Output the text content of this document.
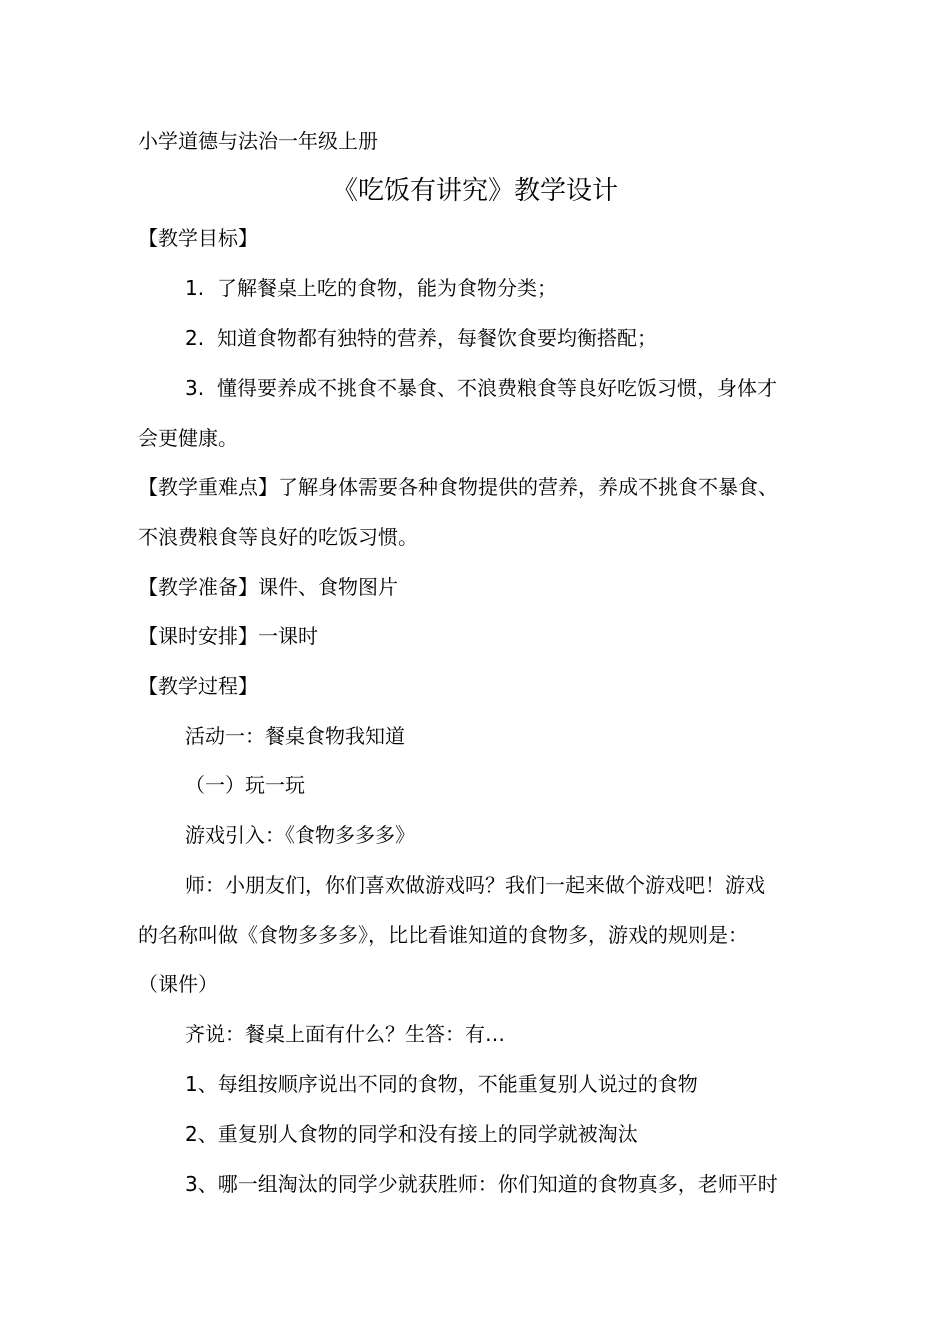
小学道德与法治一年级上册
《吃饭有讲究》教学设计
【教学目标】
1. 了解餐桌上吃的食物，能为食物分类；
2. 知道食物都有独特的营养，每餐饮食要均衡搭配；
3. 懂得要养成不挑食不暴食、不浪费粮食等良好吃饭习惯，身体才
会更健康。
【教学重难点】了解身体需要各种食物提供的营养，养成不挑食不暴食、
不浪费粮食等良好的吃饭习惯。
【教学准备】课件、食物图片
【课时安排】一课时
【教学过程】
活动一：餐桌食物我知道
（一）玩一玩
游戏引入：《食物多多多》
师：小朋友们，你们喜欢做游戏吗？我们一起来做个游戏吧！游戏
的名称叫做《食物多多多》，比比看谁知道的食物多，游戏的规则是：
（课件）
齐说：餐桌上面有什么？生答：有…
1、每组按顺序说出不同的食物，不能重复别人说过的食物
2、重复别人食物的同学和没有接上的同学就被淘汰
3、哪一组淘汰的同学少就获胜师：你们知道的食物真多，老师平时
